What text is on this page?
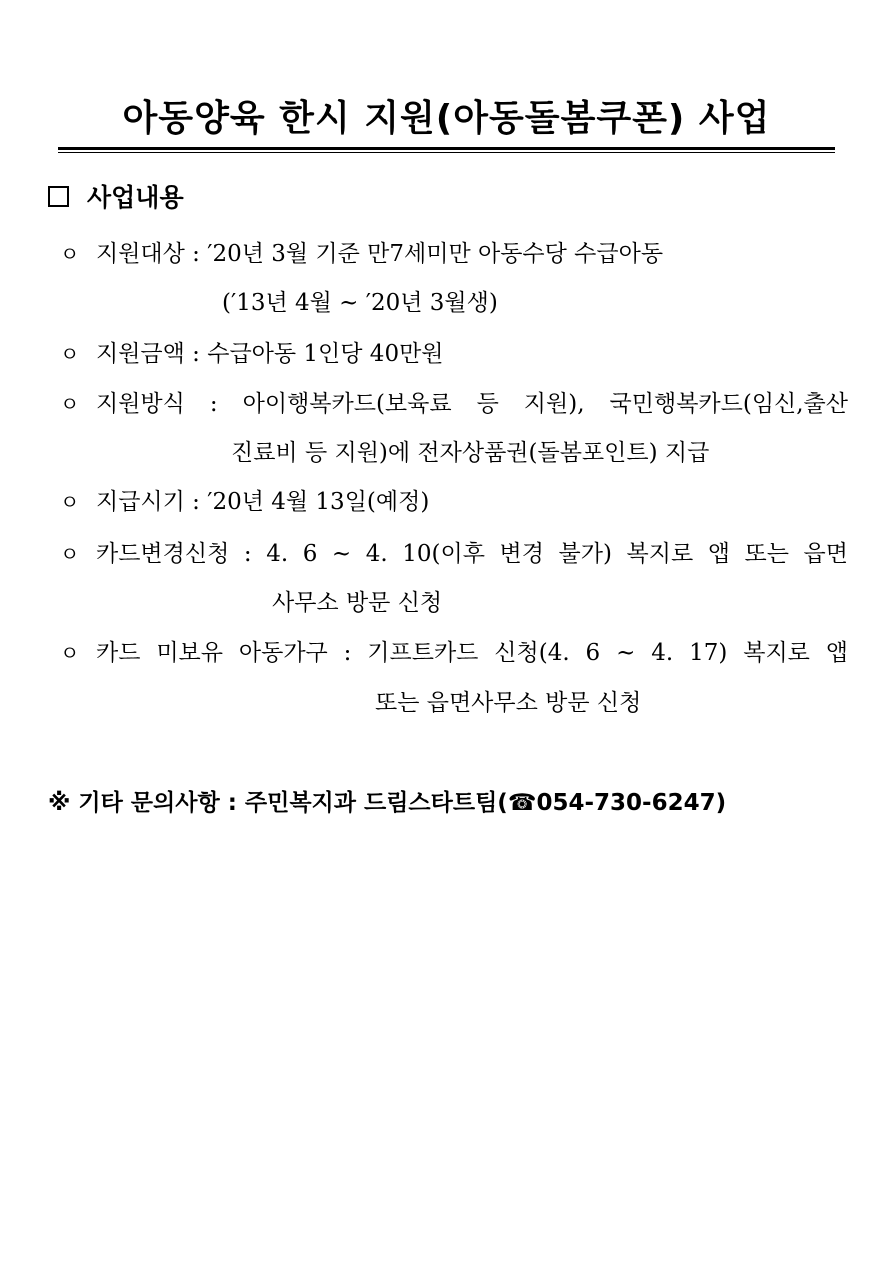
아동양육 한시 지원(아동돌봄쿠폰) 사업
사업내용
ㅇ 지원대상 : ′20년 3월 기준 만7세미만 아동수당 수급아동
(′13년 4월 ~ ′20년 3월생)
ㅇ 지원금액 : 수급아동 1인당 40만원
ㅇ 지원방식 : 아이행복카드(보육료 등 지원), 국민행복카드(임신,출산
진료비 등 지원)에 전자상품권(돌봄포인트) 지급
ㅇ 지급시기 : ′20년 4월 13일(예정)
ㅇ 카드변경신청 : 4. 6 ~ 4. 10(이후 변경 불가) 복지로 앱 또는 읍면
사무소 방문 신청
ㅇ 카드 미보유 아동가구 : 기프트카드 신청(4. 6 ~ 4. 17) 복지로 앱
또는 읍면사무소 방문 신청
※ 기타 문의사항 : 주민복지과 드림스타트팀(☎054-730-6247)
